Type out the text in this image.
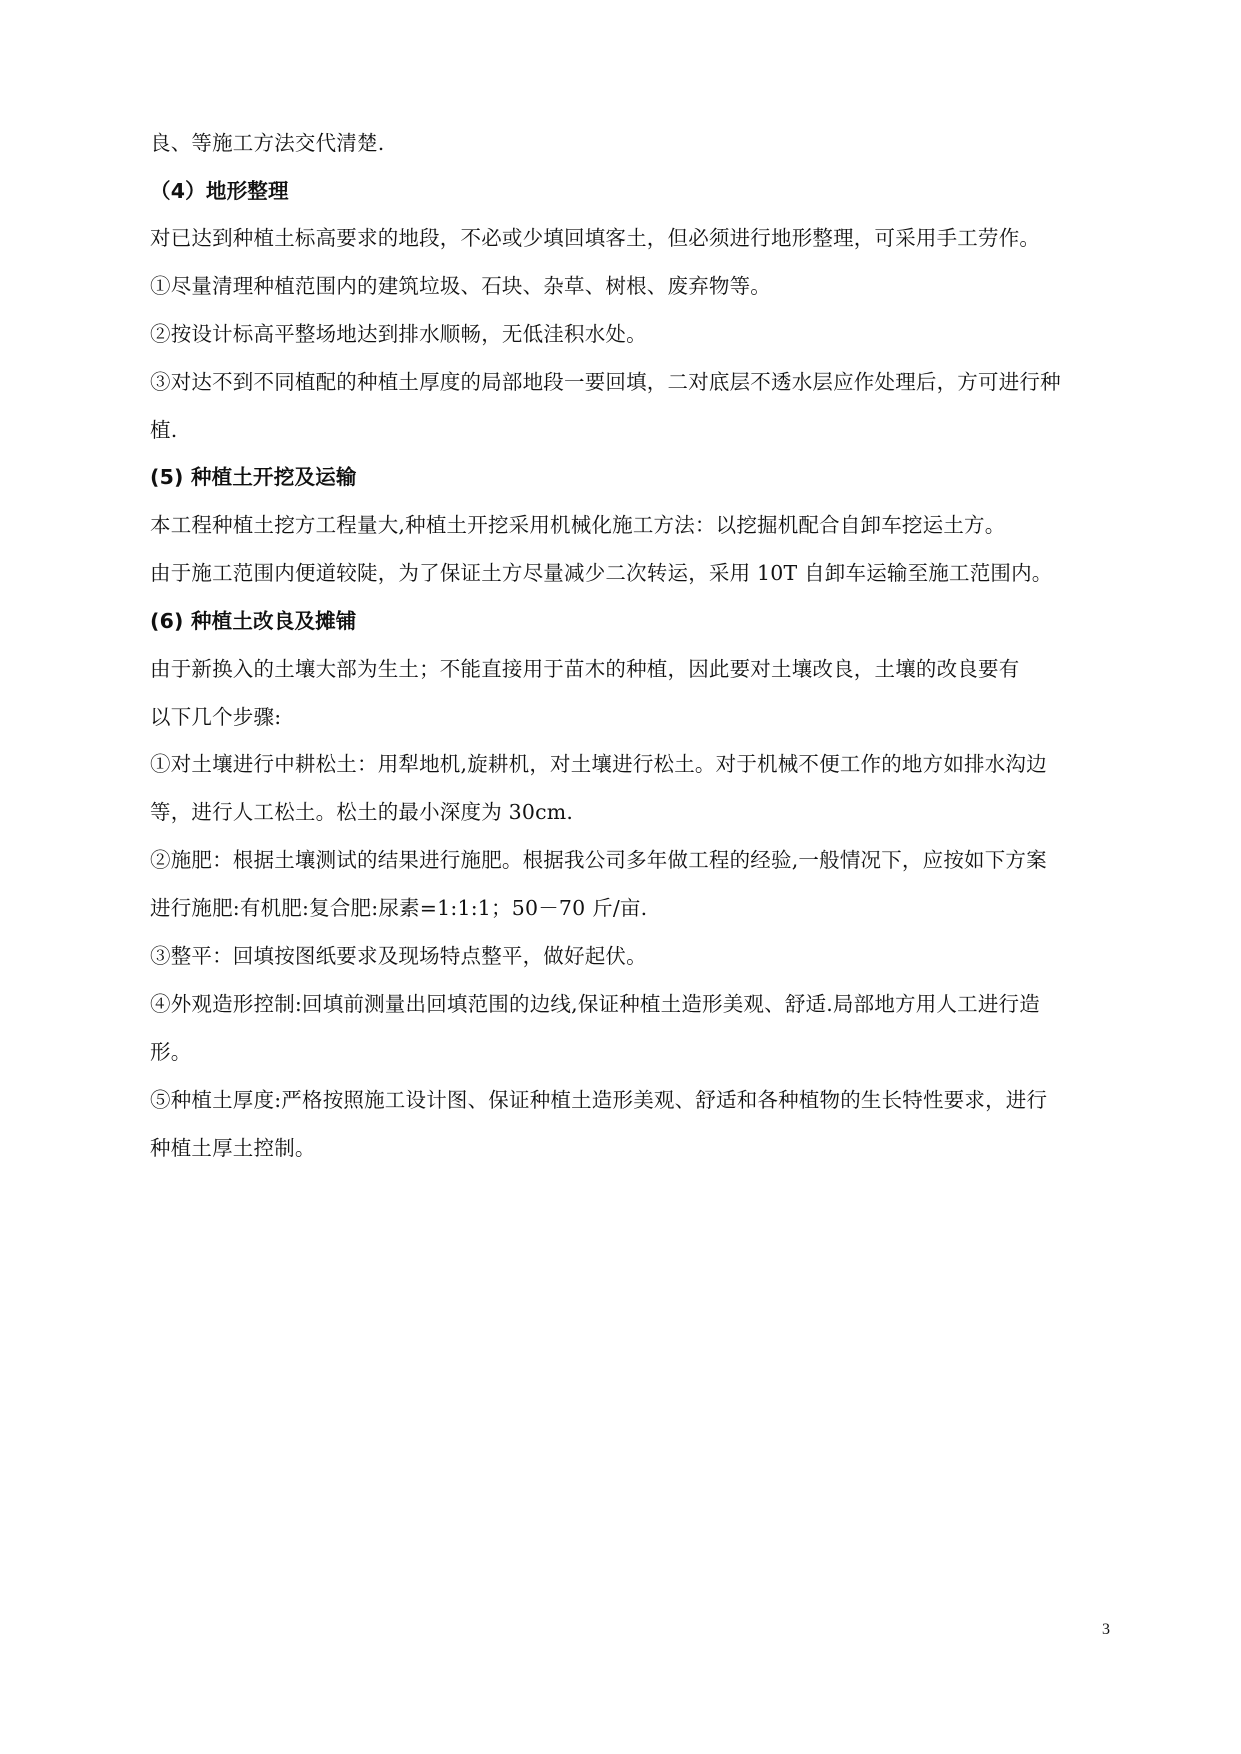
良、等施工方法交代清楚.
（4）地形整理
对已达到种植土标高要求的地段，不必或少填回填客土，但必须进行地形整理，可采用手工劳作。
①尽量清理种植范围内的建筑垃圾、石块、杂草、树根、废弃物等。
②按设计标高平整场地达到排水顺畅，无低洼积水处。
③对达不到不同植配的种植土厚度的局部地段一要回填，二对底层不透水层应作处理后，方可进行种
植.
(5) 种植土开挖及运输
本工程种植土挖方工程量大,种植土开挖采用机械化施工方法：以挖掘机配合自卸车挖运土方。
由于施工范围内便道较陡，为了保证土方尽量减少二次转运，采用 10T 自卸车运输至施工范围内。
(6) 种植土改良及摊铺
由于新换入的土壤大部为生土；不能直接用于苗木的种植，因此要对土壤改良，土壤的改良要有
以下几个步骤:
①对土壤进行中耕松土：用犁地机,旋耕机，对土壤进行松土。对于机械不便工作的地方如排水沟边
等，进行人工松土。松土的最小深度为 30cm.
②施肥：根据土壤测试的结果进行施肥。根据我公司多年做工程的经验,一般情况下，应按如下方案
进行施肥:有机肥:复合肥:尿素=1:1:1；50－70 斤/亩.
③整平：回填按图纸要求及现场特点整平，做好起伏。
④外观造形控制:回填前测量出回填范围的边线,保证种植土造形美观、舒适.局部地方用人工进行造
形。
⑤种植土厚度:严格按照施工设计图、保证种植土造形美观、舒适和各种植物的生长特性要求，进行
种植土厚土控制。
3
